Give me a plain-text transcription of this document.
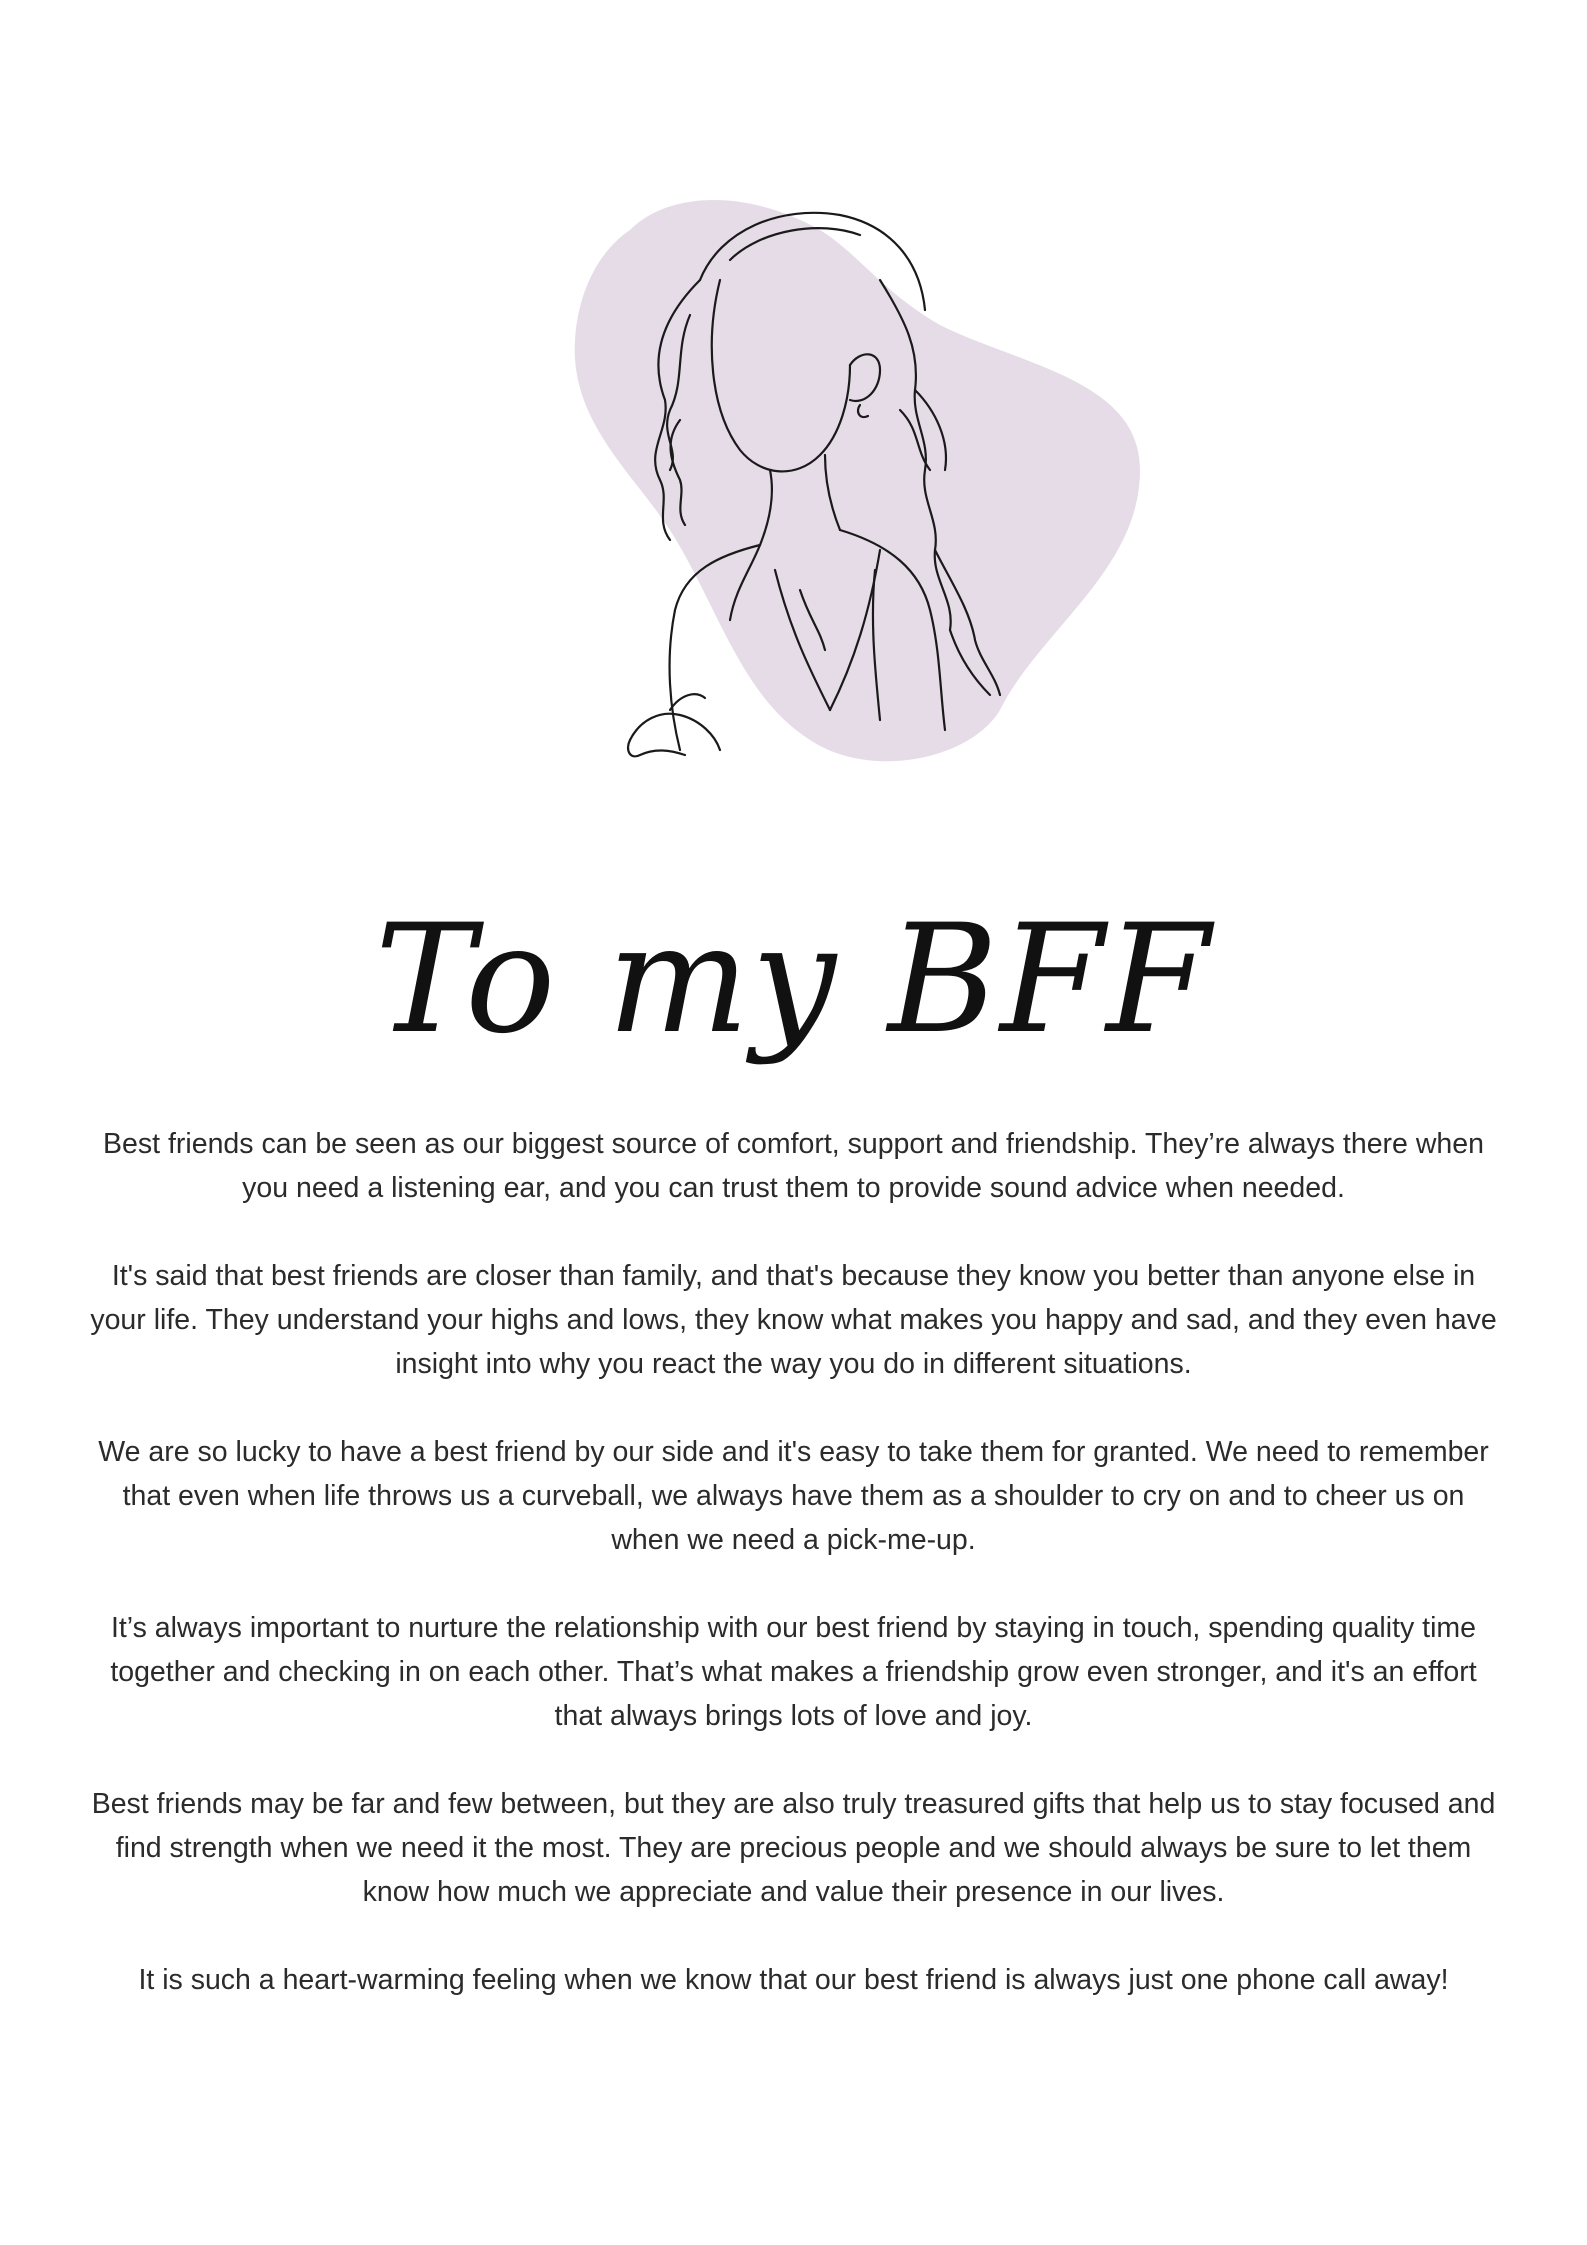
To my BFF

Best friends can be seen as our biggest source of comfort, support and friendship. They’re always there when you need a listening ear, and you can trust them to provide sound advice when needed.

It's said that best friends are closer than family, and that's because they know you better than anyone else in your life. They understand your highs and lows, they know what makes you happy and sad, and they even have insight into why you react the way you do in different situations.

We are so lucky to have a best friend by our side and it's easy to take them for granted. We need to remember that even when life throws us a curveball, we always have them as a shoulder to cry on and to cheer us on when we need a pick-me-up.

It’s always important to nurture the relationship with our best friend by staying in touch, spending quality time together and checking in on each other. That’s what makes a friendship grow even stronger, and it's an effort that always brings lots of love and joy.

Best friends may be far and few between, but they are also truly treasured gifts that help us to stay focused and find strength when we need it the most. They are precious people and we should always be sure to let them know how much we appreciate and value their presence in our lives.

It is such a heart-warming feeling when we know that our best friend is always just one phone call away!
